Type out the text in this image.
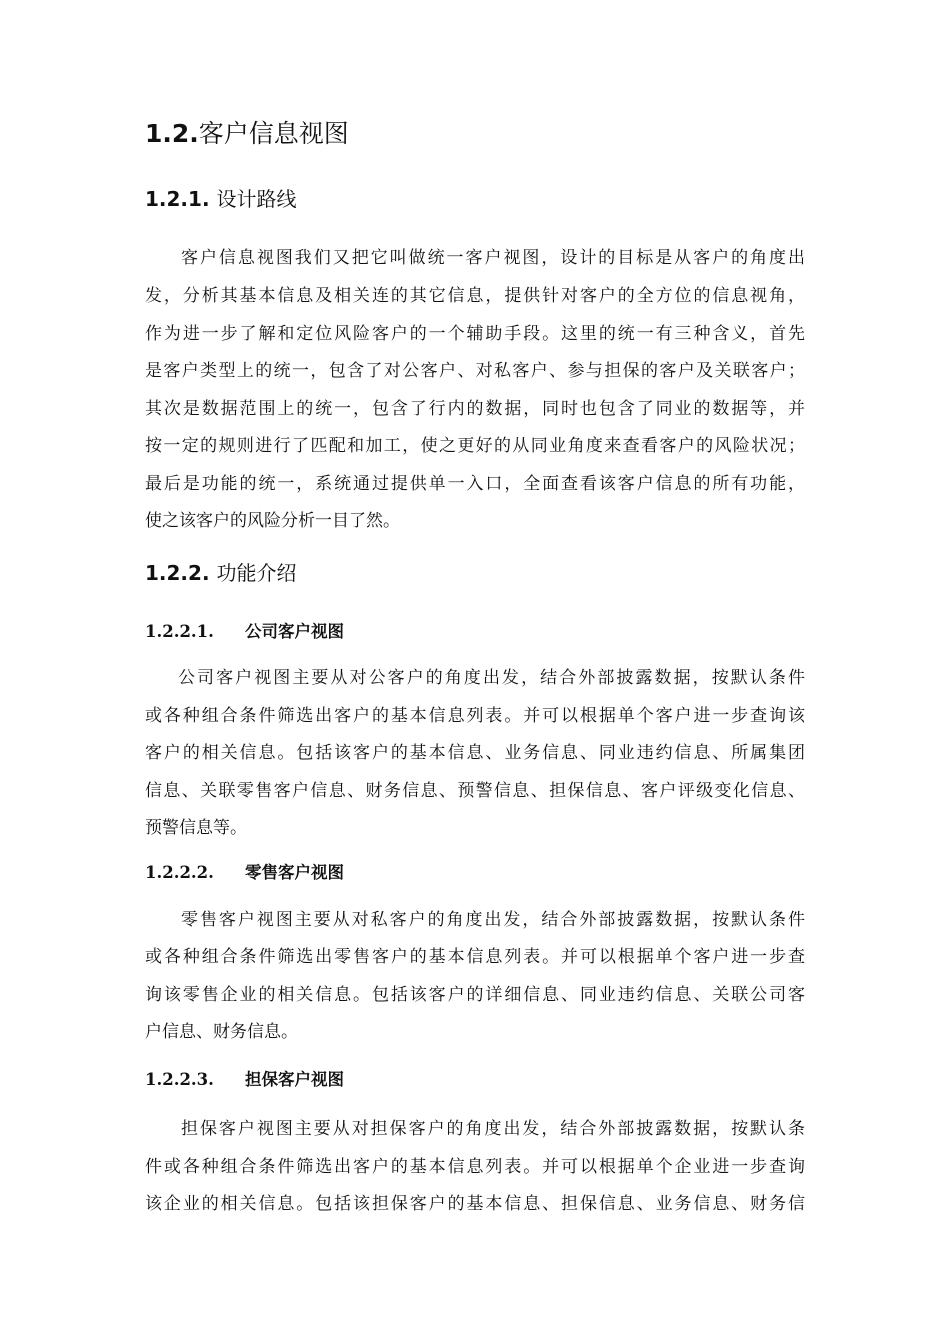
1.2.客户信息视图
1.2.1. 设计路线

客户信息视图我们又把它叫做统一客户视图，设计的目标是从客户的角度出

发，分析其基本信息及相关连的其它信息，提供针对客户的全方位的信息视角，

作为进一步了解和定位风险客户的一个辅助手段。这里的统一有三种含义，首先

是客户类型上的统一，包含了对公客户、对私客户、参与担保的客户及关联客户；

其次是数据范围上的统一，包含了行内的数据，同时也包含了同业的数据等，并

按一定的规则进行了匹配和加工，使之更好的从同业角度来查看客户的风险状况；

最后是功能的统一，系统通过提供单一入口，全面查看该客户信息的所有功能，

使之该客户的风险分析一目了然。

1.2.2. 功能介绍
1.2.2.1. 公司客户视图

公司客户视图主要从对公客户的角度出发，结合外部披露数据，按默认条件

或各种组合条件筛选出客户的基本信息列表。并可以根据单个客户进一步查询该

客户的相关信息。包括该客户的基本信息、业务信息、同业违约信息、所属集团

信息、关联零售客户信息、财务信息、预警信息、担保信息、客户评级变化信息、

预警信息等。

1.2.2.2. 零售客户视图

零售客户视图主要从对私客户的角度出发，结合外部披露数据，按默认条件

或各种组合条件筛选出零售客户的基本信息列表。并可以根据单个客户进一步查

询该零售企业的相关信息。包括该客户的详细信息、同业违约信息、关联公司客

户信息、财务信息。

1.2.2.3. 担保客户视图

担保客户视图主要从对担保客户的角度出发，结合外部披露数据，按默认条

件或各种组合条件筛选出客户的基本信息列表。并可以根据单个企业进一步查询

该企业的相关信息。包括该担保客户的基本信息、担保信息、业务信息、财务信
